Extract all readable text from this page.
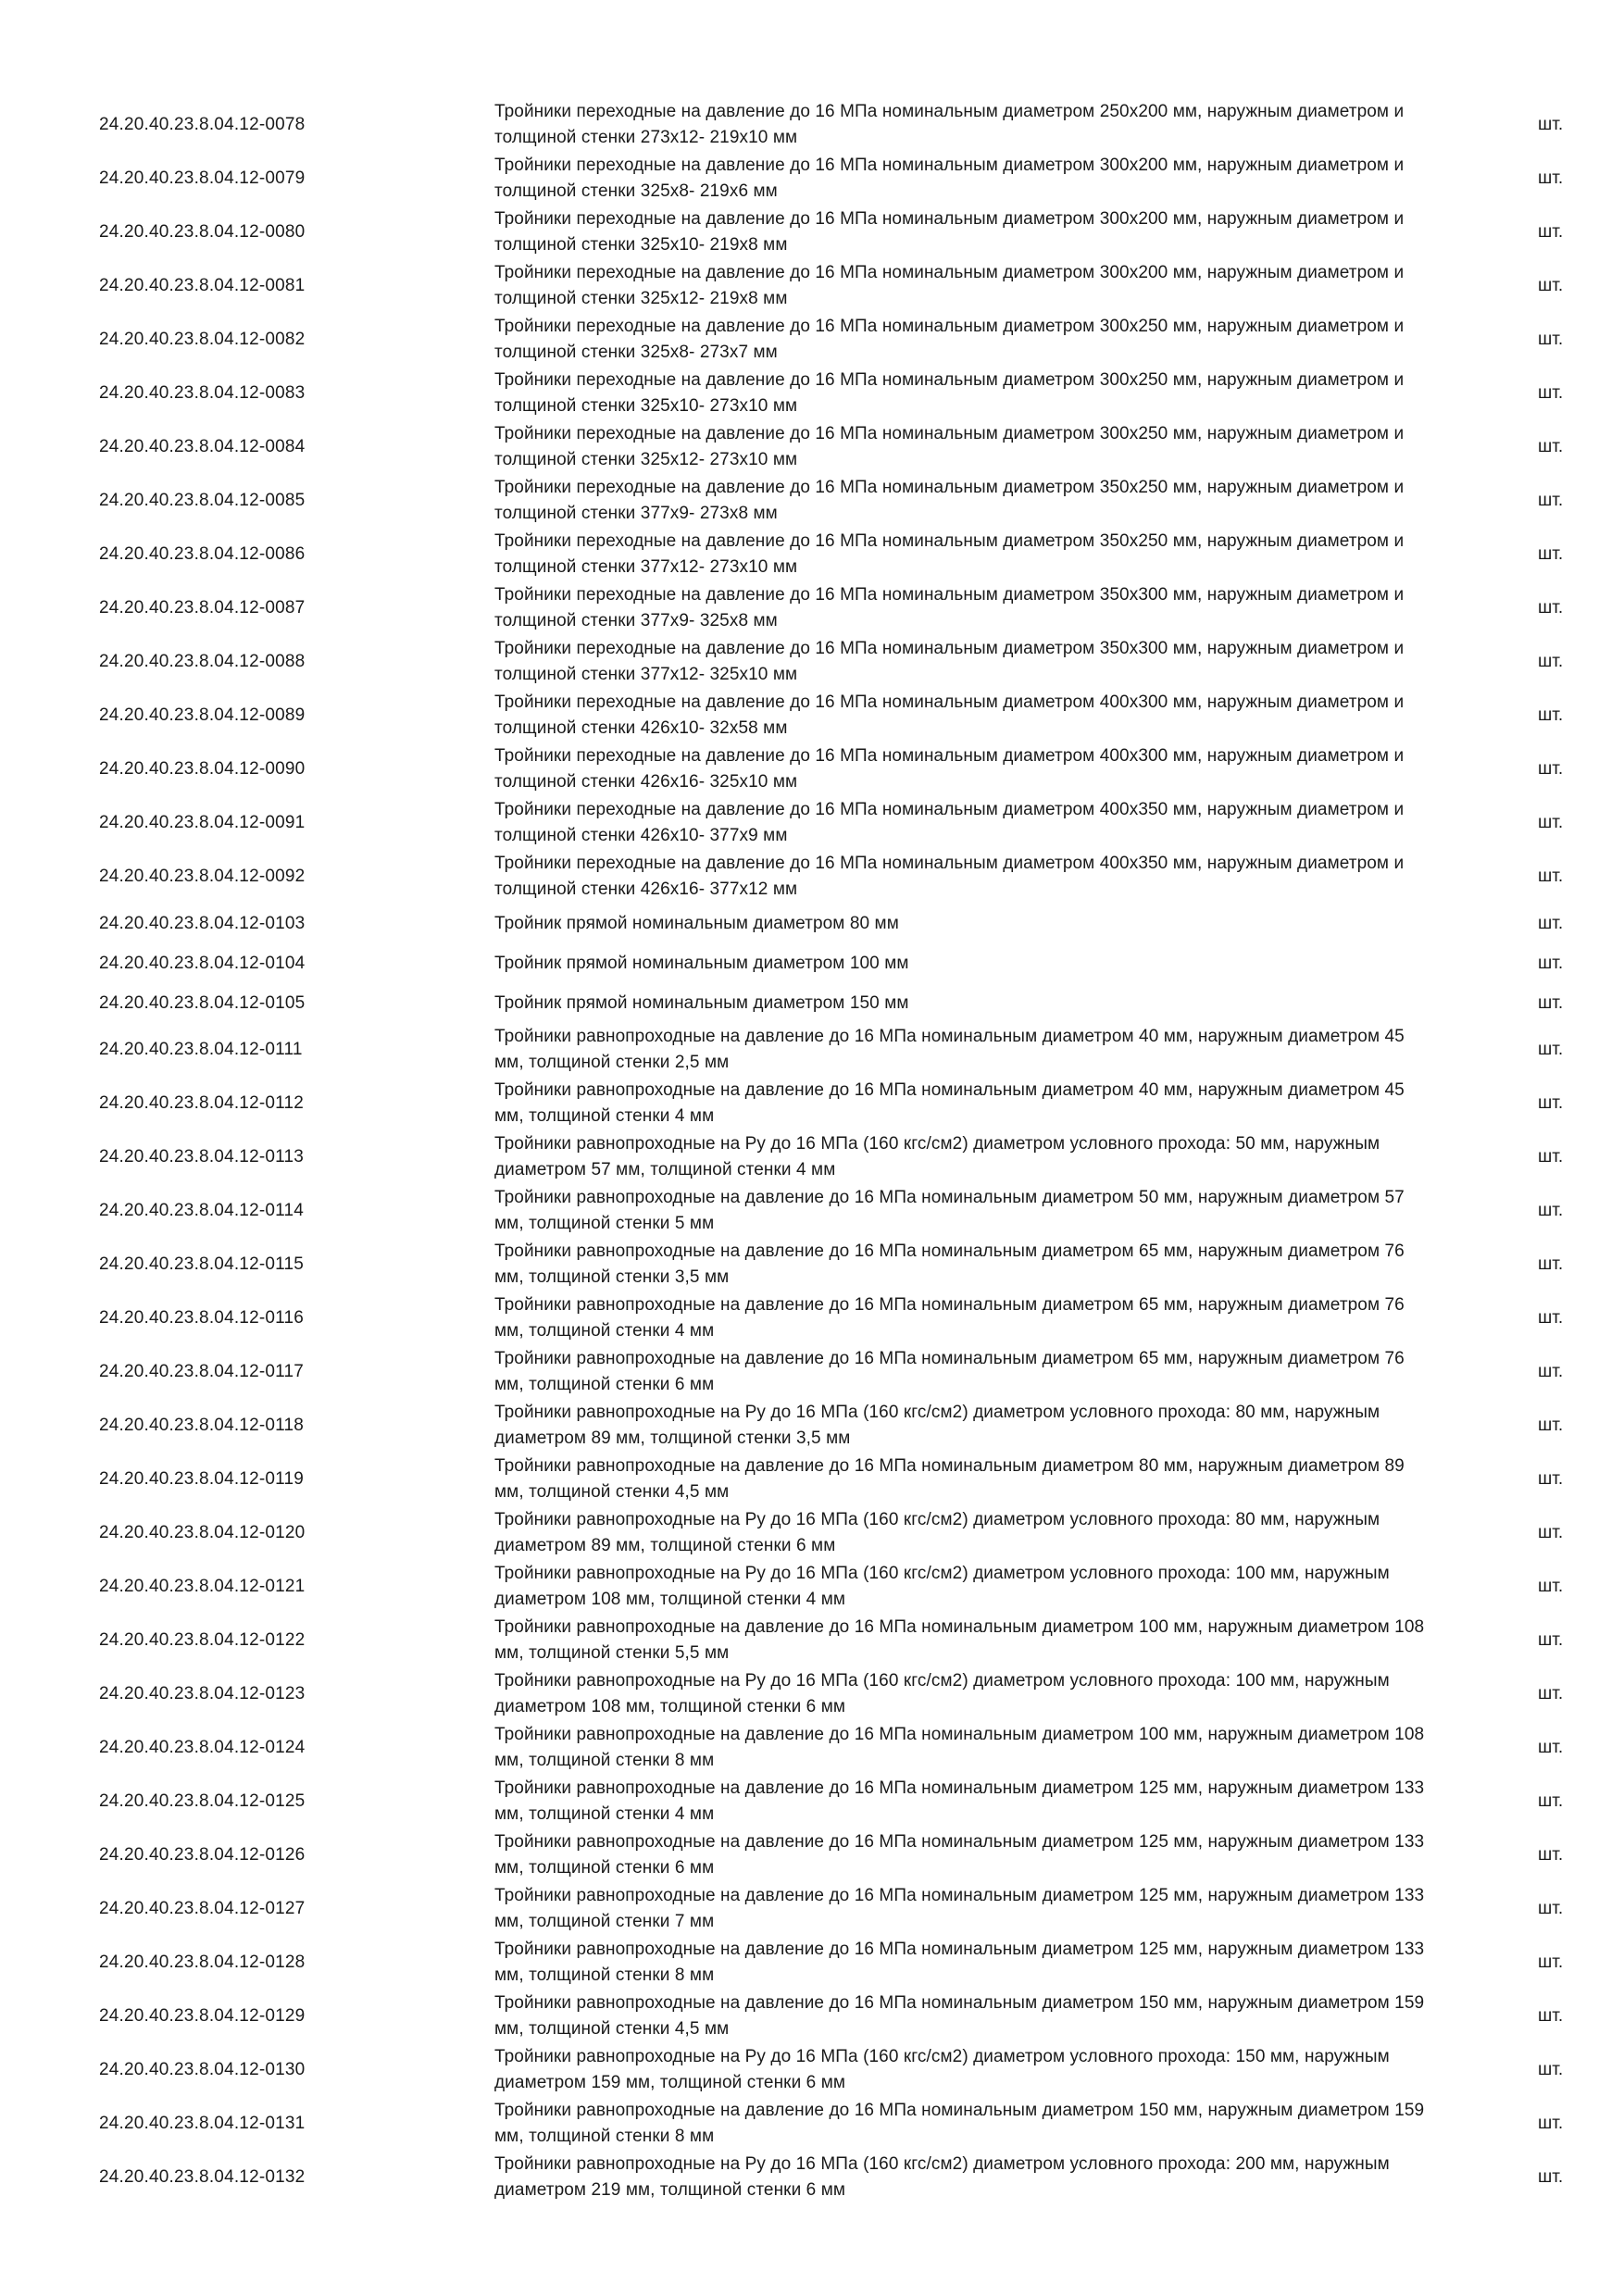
24.20.40.23.8.04.12-0078
Тройники переходные на давление до 16 МПа номинальным диаметром 250х200 мм, наружным диаметром и толщиной стенки 273х12- 219х10 мм
шт.
24.20.40.23.8.04.12-0079
Тройники переходные на давление до 16 МПа номинальным диаметром 300х200 мм, наружным диаметром и толщиной стенки 325х8- 219х6 мм
шт.
24.20.40.23.8.04.12-0080
Тройники переходные на давление до 16 МПа номинальным диаметром 300х200 мм, наружным диаметром и толщиной стенки 325х10- 219х8 мм
шт.
24.20.40.23.8.04.12-0081
Тройники переходные на давление до 16 МПа номинальным диаметром 300х200 мм, наружным диаметром и толщиной стенки 325х12- 219х8 мм
шт.
24.20.40.23.8.04.12-0082
Тройники переходные на давление до 16 МПа номинальным диаметром 300х250 мм, наружным диаметром и толщиной стенки 325х8- 273х7 мм
шт.
24.20.40.23.8.04.12-0083
Тройники переходные на давление до 16 МПа номинальным диаметром 300х250 мм, наружным диаметром и толщиной стенки 325х10- 273х10 мм
шт.
24.20.40.23.8.04.12-0084
Тройники переходные на давление до 16 МПа номинальным диаметром 300х250 мм, наружным диаметром и толщиной стенки 325х12- 273х10 мм
шт.
24.20.40.23.8.04.12-0085
Тройники переходные на давление до 16 МПа номинальным диаметром 350х250 мм, наружным диаметром и толщиной стенки 377х9- 273х8 мм
шт.
24.20.40.23.8.04.12-0086
Тройники переходные на давление до 16 МПа номинальным диаметром 350х250 мм, наружным диаметром и толщиной стенки 377х12- 273х10 мм
шт.
24.20.40.23.8.04.12-0087
Тройники переходные на давление до 16 МПа номинальным диаметром 350х300 мм, наружным диаметром и толщиной стенки 377х9- 325х8 мм
шт.
24.20.40.23.8.04.12-0088
Тройники переходные на давление до 16 МПа номинальным диаметром 350х300 мм, наружным диаметром и толщиной стенки 377х12- 325х10 мм
шт.
24.20.40.23.8.04.12-0089
Тройники переходные на давление до 16 МПа номинальным диаметром 400х300 мм, наружным диаметром и толщиной стенки 426х10- 32х58 мм
шт.
24.20.40.23.8.04.12-0090
Тройники переходные на давление до 16 МПа номинальным диаметром 400х300 мм, наружным диаметром и толщиной стенки 426х16- 325х10 мм
шт.
24.20.40.23.8.04.12-0091
Тройники переходные на давление до 16 МПа номинальным диаметром 400х350 мм, наружным диаметром и толщиной стенки 426х10- 377х9 мм
шт.
24.20.40.23.8.04.12-0092
Тройники переходные на давление до 16 МПа номинальным диаметром 400х350 мм, наружным диаметром и толщиной стенки 426х16- 377х12 мм
шт.
24.20.40.23.8.04.12-0103	Тройник прямой номинальным диаметром 80 мм	шт.
24.20.40.23.8.04.12-0104	Тройник прямой номинальным диаметром 100 мм	шт.
24.20.40.23.8.04.12-0105	Тройник прямой номинальным диаметром 150 мм	шт.
24.20.40.23.8.04.12-0111
Тройники равнопроходные на давление до 16 МПа номинальным диаметром 40 мм, наружным диаметром 45 мм, толщиной стенки 2,5 мм
шт.
24.20.40.23.8.04.12-0112
Тройники равнопроходные на давление до 16 МПа номинальным диаметром 40 мм, наружным диаметром 45 мм, толщиной стенки 4 мм
шт.
24.20.40.23.8.04.12-0113
Тройники равнопроходные на Ру до 16 МПа (160 кгс/см2) диаметром условного прохода: 50 мм, наружным диаметром 57 мм, толщиной стенки 4 мм
шт.
24.20.40.23.8.04.12-0114
Тройники равнопроходные на давление до 16 МПа номинальным диаметром 50 мм, наружным диаметром 57 мм, толщиной стенки 5 мм
шт.
24.20.40.23.8.04.12-0115
Тройники равнопроходные на давление до 16 МПа номинальным диаметром 65 мм, наружным диаметром 76 мм, толщиной стенки 3,5 мм
шт.
24.20.40.23.8.04.12-0116
Тройники равнопроходные на давление до 16 МПа номинальным диаметром 65 мм, наружным диаметром 76 мм, толщиной стенки 4 мм
шт.
24.20.40.23.8.04.12-0117
Тройники равнопроходные на давление до 16 МПа номинальным диаметром 65 мм, наружным диаметром 76 мм, толщиной стенки 6 мм
шт.
24.20.40.23.8.04.12-0118
Тройники равнопроходные на Ру до 16 МПа (160 кгс/см2) диаметром условного прохода: 80 мм, наружным диаметром 89 мм, толщиной стенки 3,5 мм
шт.
24.20.40.23.8.04.12-0119
Тройники равнопроходные на давление до 16 МПа номинальным диаметром 80 мм, наружным диаметром 89 мм, толщиной стенки 4,5 мм
шт.
24.20.40.23.8.04.12-0120
Тройники равнопроходные на Ру до 16 МПа (160 кгс/см2) диаметром условного прохода: 80 мм, наружным диаметром 89 мм, толщиной стенки 6 мм
шт.
24.20.40.23.8.04.12-0121
Тройники равнопроходные на Ру до 16 МПа (160 кгс/см2) диаметром условного прохода: 100 мм, наружным диаметром 108 мм, толщиной стенки 4 мм
шт.
24.20.40.23.8.04.12-0122
Тройники равнопроходные на давление до 16 МПа номинальным диаметром 100 мм, наружным диаметром 108 мм, толщиной стенки 5,5 мм
шт.
24.20.40.23.8.04.12-0123
Тройники равнопроходные на Ру до 16 МПа (160 кгс/см2) диаметром условного прохода: 100 мм, наружным диаметром 108 мм, толщиной стенки 6 мм
шт.
24.20.40.23.8.04.12-0124
Тройники равнопроходные на давление до 16 МПа номинальным диаметром 100 мм, наружным диаметром 108 мм, толщиной стенки 8 мм
шт.
24.20.40.23.8.04.12-0125
Тройники равнопроходные на давление до 16 МПа номинальным диаметром 125 мм, наружным диаметром 133 мм, толщиной стенки 4 мм
шт.
24.20.40.23.8.04.12-0126
Тройники равнопроходные на давление до 16 МПа номинальным диаметром 125 мм, наружным диаметром 133 мм, толщиной стенки 6 мм
шт.
24.20.40.23.8.04.12-0127
Тройники равнопроходные на давление до 16 МПа номинальным диаметром 125 мм, наружным диаметром 133 мм, толщиной стенки 7 мм
шт.
24.20.40.23.8.04.12-0128
Тройники равнопроходные на давление до 16 МПа номинальным диаметром 125 мм, наружным диаметром 133 мм, толщиной стенки 8 мм
шт.
24.20.40.23.8.04.12-0129
Тройники равнопроходные на давление до 16 МПа номинальным диаметром 150 мм, наружным диаметром 159 мм, толщиной стенки 4,5 мм
шт.
24.20.40.23.8.04.12-0130
Тройники равнопроходные на Ру до 16 МПа (160 кгс/см2) диаметром условного прохода: 150 мм, наружным диаметром 159 мм, толщиной стенки 6 мм
шт.
24.20.40.23.8.04.12-0131
Тройники равнопроходные на давление до 16 МПа номинальным диаметром 150 мм, наружным диаметром 159 мм, толщиной стенки 8 мм
шт.
24.20.40.23.8.04.12-0132
Тройники равнопроходные на Ру до 16 МПа (160 кгс/см2) диаметром условного прохода: 200 мм, наружным диаметром 219 мм, толщиной стенки 6 мм
шт.
